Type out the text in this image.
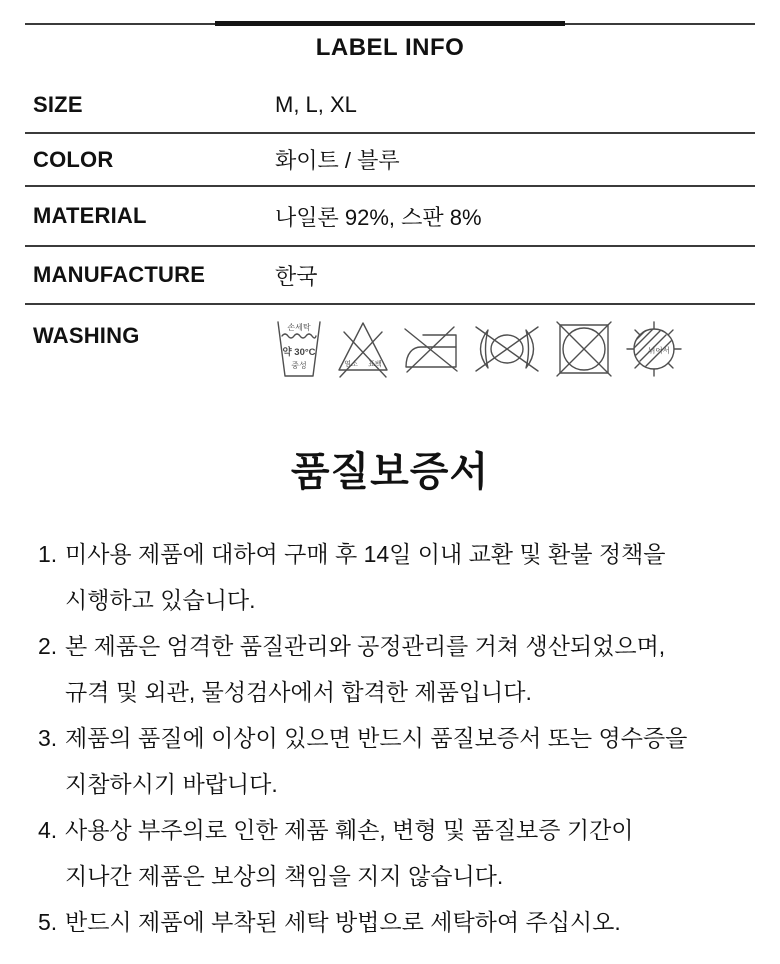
LABEL INFO
SIZE	M, L, XL
COLOR	화이트 / 블루
MATERIAL	나일론 92%, 스판 8%
MANUFACTURE	한국
WASHING	손세탁
약 30°C
중성	염소 표백
뉘어서
품질보증서
1. 미사용 제품에 대하여 구매 후 14일 이내 교환 및 환불 정책을
시행하고 있습니다.
2. 본 제품은 엄격한 품질관리와 공정관리를 거쳐 생산되었으며,
규격 및 외관, 물성검사에서 합격한 제품입니다.
3. 제품의 품질에 이상이 있으면 반드시 품질보증서 또는 영수증을
지참하시기 바랍니다.
4. 사용상 부주의로 인한 제품 훼손, 변형 및 품질보증 기간이
지나간 제품은 보상의 책임을 지지 않습니다.
5. 반드시 제품에 부착된 세탁 방법으로 세탁하여 주십시오.
